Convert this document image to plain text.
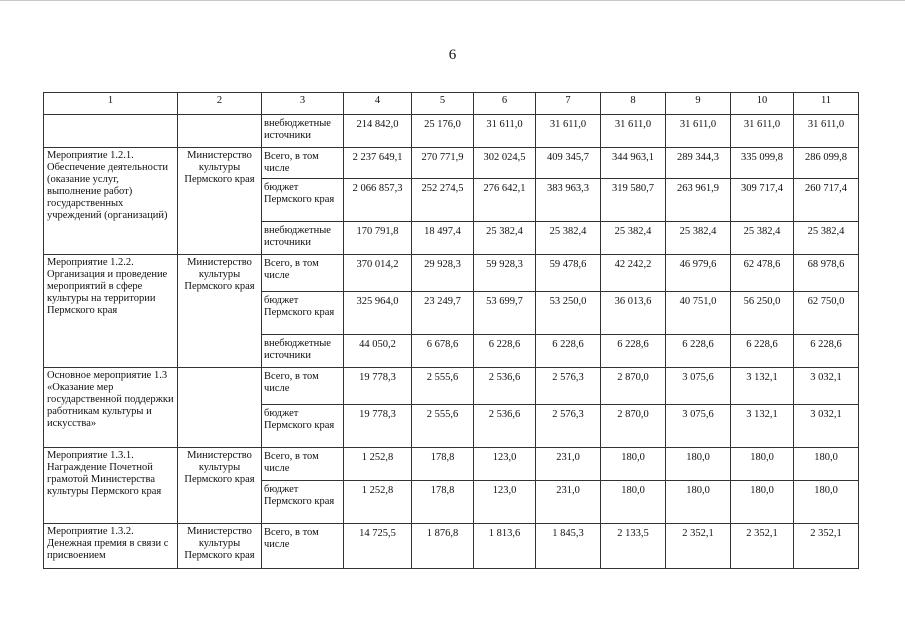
6
1	2	3	4	5	6	7	8	9	10	11
		внебюджетные источники	214 842,0	25 176,0	31 611,0	31 611,0	31 611,0	31 611,0	31 611,0	31 611,0
Мероприятие 1.2.1. Обеспечение деятельности (оказание услуг, выполнение работ) государственных учреждений (организаций)	Министерство культуры Пермского края	Всего, в том числе	2 237 649,1	270 771,9	302 024,5	409 345,7	344 963,1	289 344,3	335 099,8	286 099,8
		бюджет Пермского края	2 066 857,3	252 274,5	276 642,1	383 963,3	319 580,7	263 961,9	309 717,4	260 717,4
		внебюджетные источники	170 791,8	18 497,4	25 382,4	25 382,4	25 382,4	25 382,4	25 382,4	25 382,4
Мероприятие 1.2.2. Организация и проведение мероприятий в сфере культуры на территории Пермского края	Министерство культуры Пермского края	Всего, в том числе	370 014,2	29 928,3	59 928,3	59 478,6	42 242,2	46 979,6	62 478,6	68 978,6
		бюджет Пермского края	325 964,0	23 249,7	53 699,7	53 250,0	36 013,6	40 751,0	56 250,0	62 750,0
		внебюджетные источники	44 050,2	6 678,6	6 228,6	6 228,6	6 228,6	6 228,6	6 228,6	6 228,6
Основное мероприятие 1.3 «Оказание мер государственной поддержки работникам культуры и искусства»		Всего, в том числе	19 778,3	2 555,6	2 536,6	2 576,3	2 870,0	3 075,6	3 132,1	3 032,1
		бюджет Пермского края	19 778,3	2 555,6	2 536,6	2 576,3	2 870,0	3 075,6	3 132,1	3 032,1
Мероприятие 1.3.1. Награждение Почетной грамотой Министерства культуры Пермского края	Министерство культуры Пермского края	Всего, в том числе	1 252,8	178,8	123,0	231,0	180,0	180,0	180,0	180,0
		бюджет Пермского края	1 252,8	178,8	123,0	231,0	180,0	180,0	180,0	180,0
Мероприятие 1.3.2. Денежная премия в связи с присвоением	Министерство культуры Пермского края	Всего, в том числе	14 725,5	1 876,8	1 813,6	1 845,3	2 133,5	2 352,1	2 352,1	2 352,1
